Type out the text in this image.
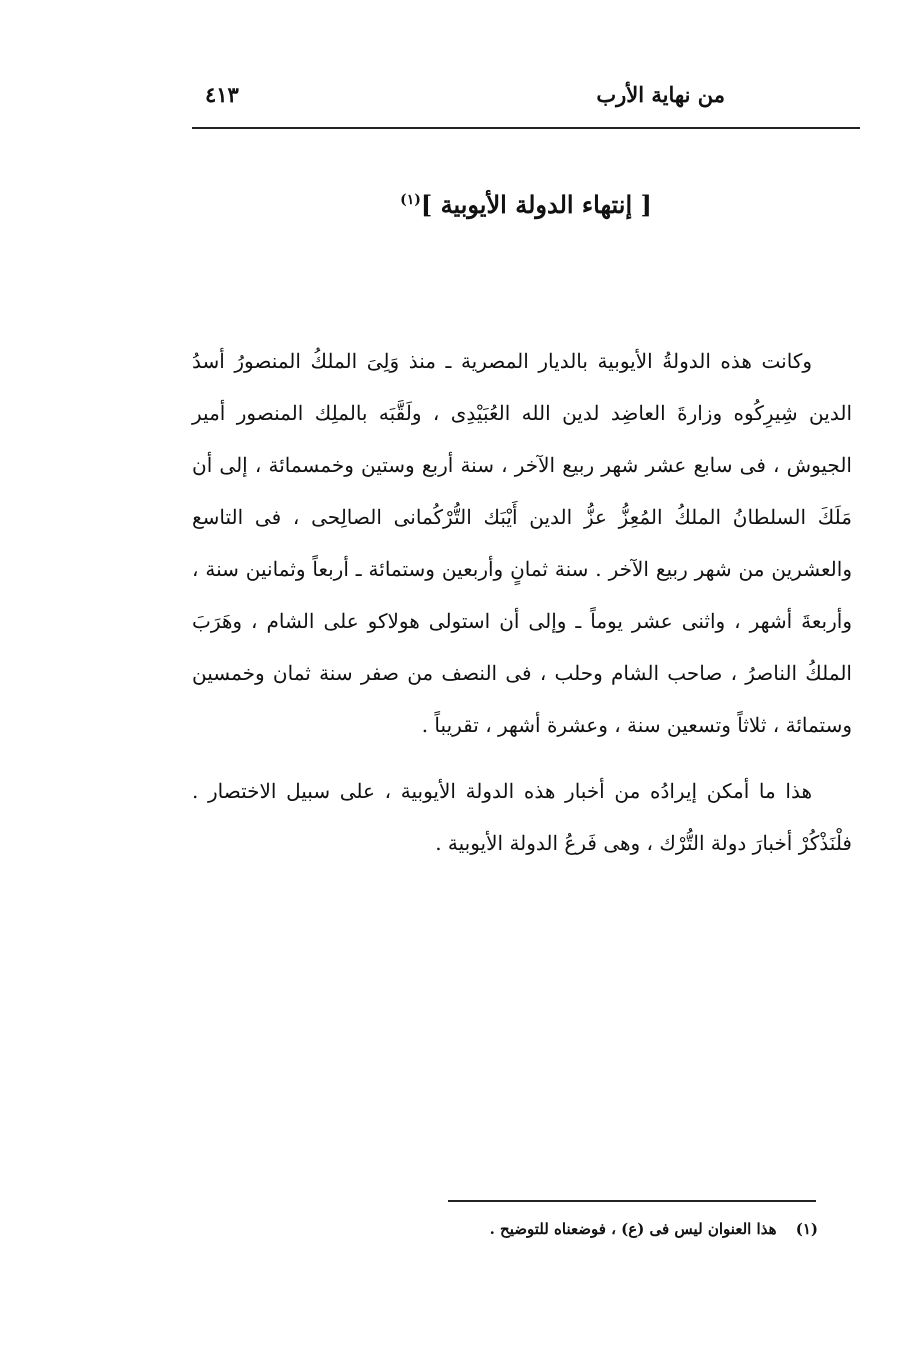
من نهاية الأرب
٤١٣
[ إنتهاء الدولة الأيوبية ]$^{(١)}$

وكانت هذه الدولةُ الأيوبية بالديار المصرية ـ منذ وَلِىَ الملكُ المنصورُ أسدُ الدين شِيرِكُوه وزارةَ العاضِد لدين الله العُبَيْدِى ، ولَقَّبَه بالملِك المنصور أمير الجيوش ، فى سابع عشر شهر ربيع الآخر ، سنة أربع وستين وخمسمائة ، إلى أن مَلَكَ السلطانُ الملكُ المُعِزُّ عزُّ الدين أَيْبَك التُّرْكُمانى الصالِحى ، فى التاسع والعشرين من شهر ربيع الآخر . سنة ثمانٍ وأربعين وستمائة ـ أربعاً وثمانين سنة ، وأربعةَ أشهر ، واثنى عشر يوماً ـ وإلى أن استولى هولاكو على الشام ، وهَرَبَ الملكُ الناصرُ ، صاحب الشام وحلب ، فى النصف من صفر سنة ثمان وخمسين وستمائة ، ثلاثاً وتسعين سنة ، وعشرة أشهر ، تقريباً .

هذا ما أمكن إيرادُه من أخبار هذه الدولة الأيوبية ، على سبيل الاختصار . فلْنَذْكُرْ أخبارَ دولة التُّرْك ، وهى فَرعُ الدولة الأيوبية .

(١) هذا العنوان ليس فى (ع) ، فوضعناه للتوضيح .
